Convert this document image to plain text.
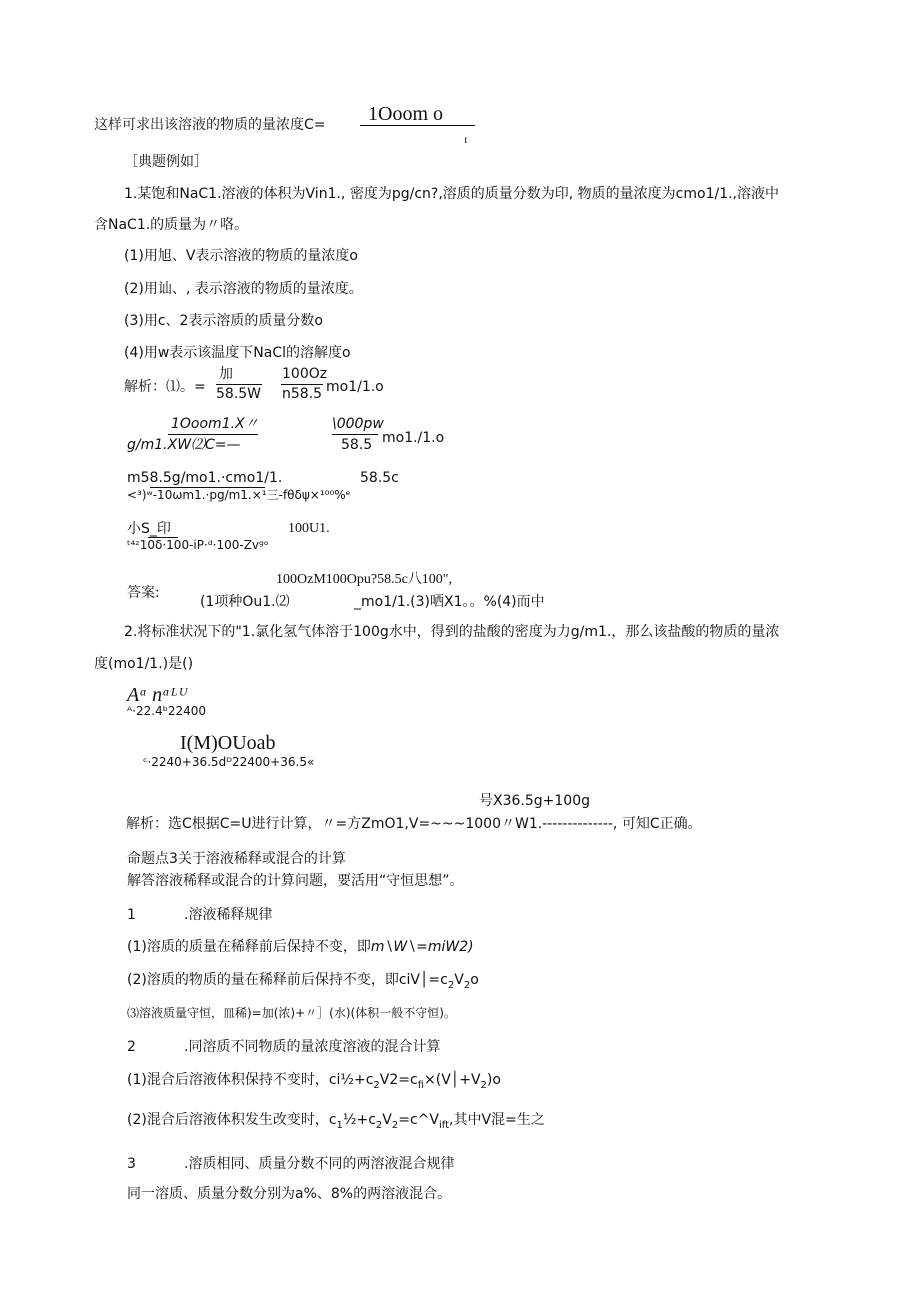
这样可求出该溶液的物质的量浓度C= 1Ooom o
ɪ
［典题例如］
1.某饱和NaC1.溶液的体积为Vin1., 密度为pg/cn?,溶质的质量分数为印, 物质的量浓度为cmo1/1.,溶液中
含NaC1.的质量为〃咯。
(1)用旭、V表示溶液的物质的量浓度o
(2)用讪、, 表示溶液的物质的量浓度。
(3)用c、2表示溶质的质量分数o
(4)用w表示该温度下NaCl的溶解度o
解析：⑴。=
加
58.5W
100Oz
n58.5 mo1/1.o
1Ooom1.X〃
g/m1.XW⑵C=—
\000pw
58.5 mo1./1.o
m58.5g/mo1.·cmo1/1.	58.5c
<³)ʷ-10ωm1.·pg/m1.×¹三-fθδψ×¹⁰⁰%ᵉ
小S_印	100U1.
ᵗ⁴ᶻ10δ·100-iP·ᵈ·100-Zvᵍᵒ
答案:
100OzM100Opu?58.5c八100",
(1项种Ou1.⑵	_mo1/1.(3)哂X1。。%(4)而中
2.将标准状况下的"1.氯化氢气体溶于100g水中，得到的盐酸的密度为力g/m1.，那么该盐酸的物质的量浓
度(mo1/1.)是()
Aᵅ nᵅᴸᵁ
ᴬ·22.4ᵇ22400
I(M)OUoab
ᶜ·2240+36.5dᴰ22400+36.5«
号X36.5g+100g
解析：选C根据C=U进行计算，〃=方ZmO1,V=~~~1000〃W1.--------------, 可知C正确。
命题点3关于溶液稀释或混合的计算
解答溶液稀释或混合的计算问题，要活用“守恒思想”。
1	.溶液稀释规律
(1)溶质的质量在稀释前后保持不变，即m∖W∖=miW2)
(2)溶质的物质的量在稀释前后保持不变，即$ciV│=c_2V_2o$
⑶溶液质量守恒，皿稀)=加(浓)+〃］(水)(体积一般不守恒)。
2	.同溶质不同物质的量浓度溶液的混合计算
(1)混合后溶液体积保持不变时，$ci\frac{1}{2}+c_2V2=c_{fi}\times(V│+V_2)o$
(2)混合后溶液体积发生改变时，$c_1\frac{1}{2}+c_2V_2=c\^{}V_{ift}$,其中V混=生之
3	.溶质相同、质量分数不同的两溶液混合规律
同一溶质、质量分数分别为a%、8%的两溶液混合。
